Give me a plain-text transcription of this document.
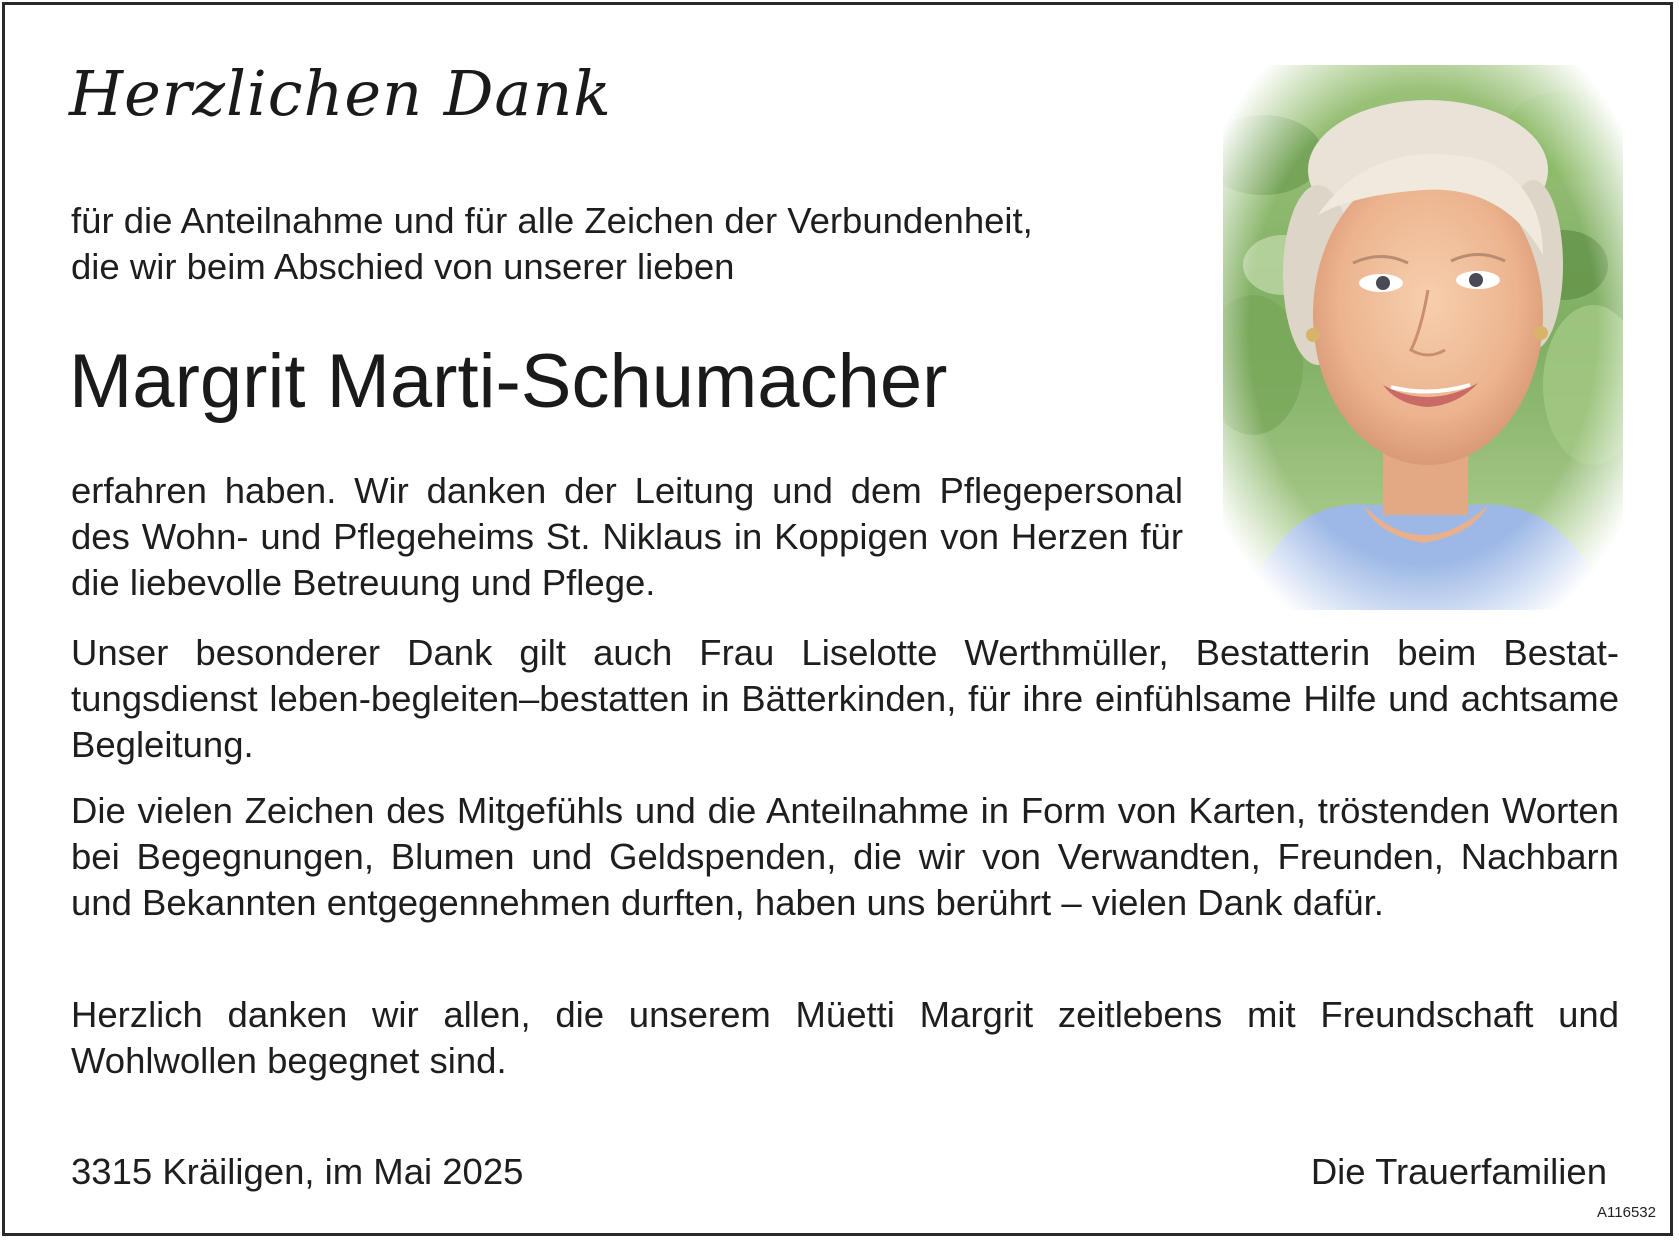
Herzlichen Dank

für die Anteilnahme und für alle Zeichen der Verbundenheit,

die wir beim Abschied von unserer lieben

Margrit Marti-Schumacher

erfahren haben. Wir danken der Leitung und dem Pflegepersonal des Wohn- und Pflegeheims St. Niklaus in Koppigen von Herzen für die liebevolle Betreuung und Pflege.

Unser besonderer Dank gilt auch Frau Liselotte Werthmüller, Bestatterin beim Bestattungsdienst leben-begleiten–bestatten in Bätterkinden, für ihre einfühlsame Hilfe und achtsame Begleitung.

Die vielen Zeichen des Mitgefühls und die Anteilnahme in Form von Karten, tröstenden Worten bei Begegnungen, Blumen und Geldspenden, die wir von Verwandten, Freunden, Nachbarn und Bekannten entgegennehmen durften, haben uns berührt – vielen Dank dafür.

Herzlich danken wir allen, die unserem Müetti Margrit zeitlebens mit Freundschaft und Wohlwollen begegnet sind.

3315 Kräiligen, im Mai 2025	Die Trauerfamilien
A116532
